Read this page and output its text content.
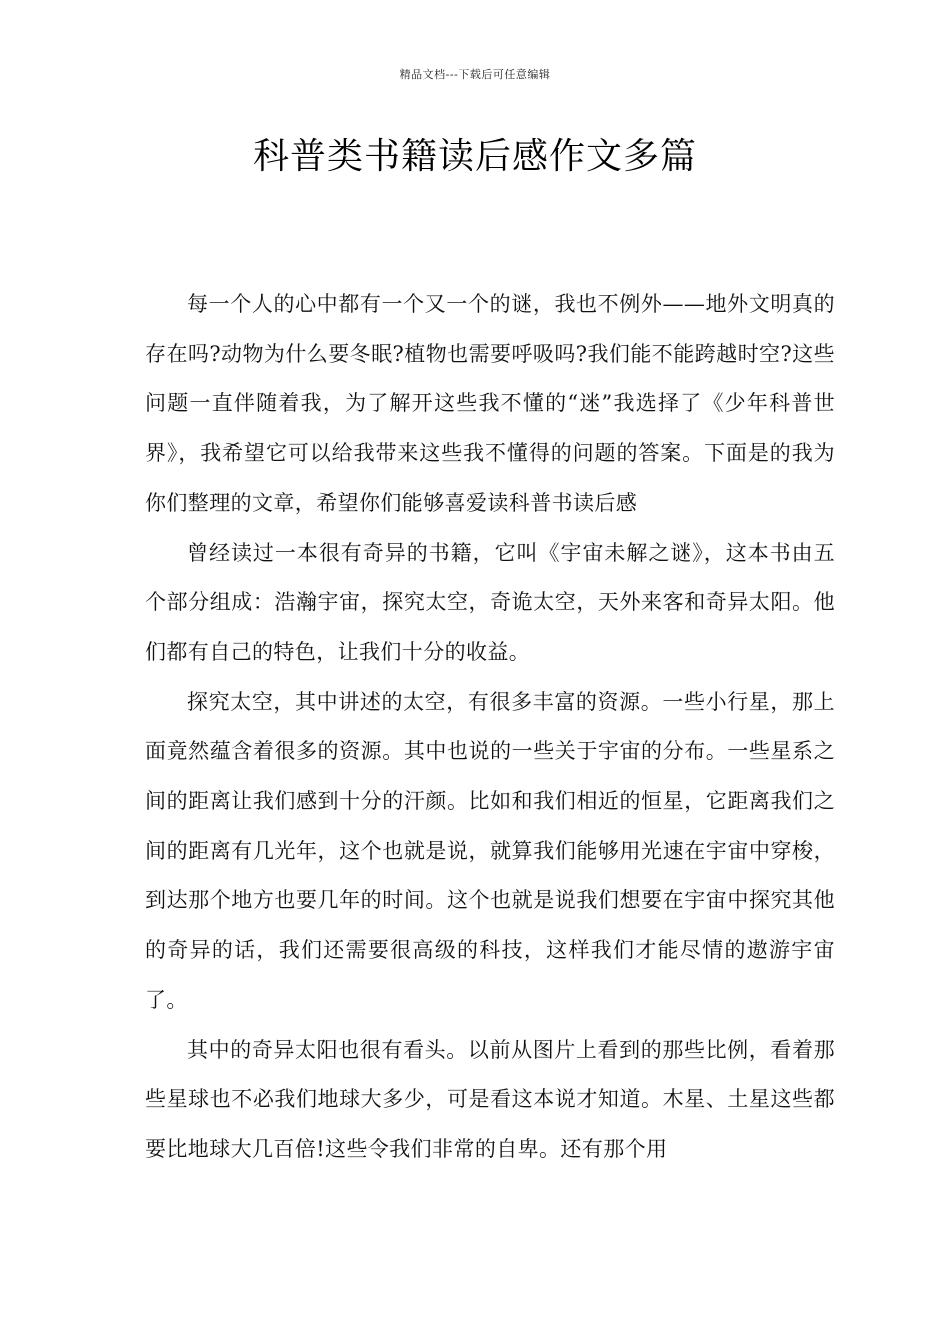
精品文档---下载后可任意编辑
科普类书籍读后感作文多篇

每一个人的心中都有一个又一个的谜，我也不例外——地外文明真的存在吗?动物为什么要冬眠?植物也需要呼吸吗?我们能不能跨越时空?这些问题一直伴随着我，为了解开这些我不懂的“迷”我选择了《少年科普世界》，我希望它可以给我带来这些我不懂得的问题的答案。下面是的我为你们整理的文章，希望你们能够喜爱读科普书读后感

曾经读过一本很有奇异的书籍，它叫《宇宙未解之谜》，这本书由五个部分组成：浩瀚宇宙，探究太空，奇诡太空，天外来客和奇异太阳。他们都有自己的特色，让我们十分的收益。

探究太空，其中讲述的太空，有很多丰富的资源。一些小行星，那上面竟然蕴含着很多的资源。其中也说的一些关于宇宙的分布。一些星系之间的距离让我们感到十分的汗颜。比如和我们相近的恒星，它距离我们之间的距离有几光年，这个也就是说，就算我们能够用光速在宇宙中穿梭，到达那个地方也要几年的时间。这个也就是说我们想要在宇宙中探究其他的奇异的话，我们还需要很高级的科技，这样我们才能尽情的遨游宇宙了。

其中的奇异太阳也很有看头。以前从图片上看到的那些比例，看着那些星球也不必我们地球大多少，可是看这本说才知道。木星、土星这些都要比地球大几百倍!这些令我们非常的自卑。还有那个用
